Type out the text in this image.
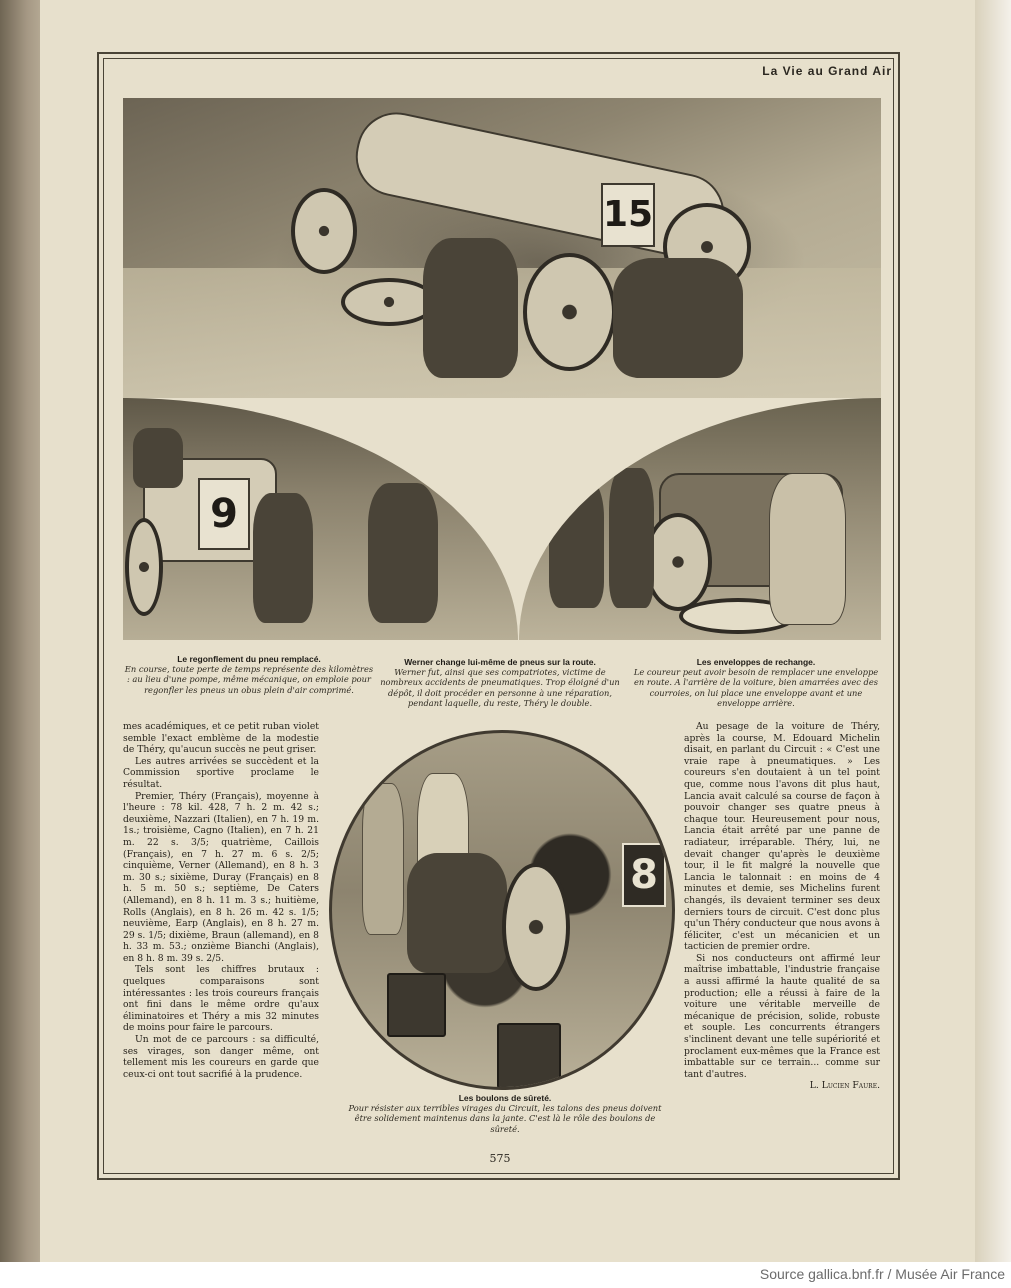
La Vie au Grand Air
15
9
Le regonflement du pneu remplacé.
En course, toute perte de temps représente des kilomètres : au lieu d'une pompe, même mécanique, on emploie pour regonfler les pneus un obus plein d'air comprimé.
Werner change lui-même de pneus sur la route.
Werner fut, ainsi que ses compatriotes, victime de nombreux accidents de pneumatiques. Trop éloigné d'un dépôt, il doit procéder en personne à une réparation, pendant laquelle, du reste, Théry le double.
Les enveloppes de rechange.
Le coureur peut avoir besoin de remplacer une enveloppe en route. A l'arrière de la voiture, bien amarrées avec des courroies, on lui place une enveloppe avant et une enveloppe arrière.
8
Les boulons de sûreté.
Pour résister aux terribles virages du Circuit, les talons des pneus doivent être solidement maintenus dans la jante. C'est là le rôle des boulons de sûreté.

mes académiques, et ce petit ruban violet semble l'exact emblème de la modestie de Théry, qu'aucun succès ne peut griser.

Les autres arrivées se succèdent et la Commission sportive proclame le résultat.

Premier, Théry (Français), moyenne à l'heure : 78 kil. 428, 7 h. 2 m. 42 s.; deuxième, Nazzari (Italien), en 7 h. 19 m. 1s.; troisième, Cagno (Italien), en 7 h. 21 m. 22 s. 3/5; quatrième, Caillois (Français), en 7 h. 27 m. 6 s. 2/5; cinquième, Verner (Allemand), en 8 h. 3 m. 30 s.; sixième, Duray (Français) en 8 h. 5 m. 50 s.; septième, De Caters (Allemand), en 8 h. 11 m. 3 s.; huitième, Rolls (Anglais), en 8 h. 26 m. 42 s. 1/5; neuvième, Earp (Anglais), en 8 h. 27 m. 29 s. 1/5; dixième, Braun (allemand), en 8 h. 33 m. 53.; onzième Bianchi (Anglais), en 8 h. 8 m. 39 s. 2/5.

Tels sont les chiffres brutaux : quelques comparaisons sont intéressantes : les trois coureurs français ont fini dans le même ordre qu'aux éliminatoires et Théry a mis 32 minutes de moins pour faire le parcours.

Un mot de ce parcours : sa difficulté, ses virages, son danger même, ont tellement mis les coureurs en garde que ceux-ci ont tout sacrifié à la prudence.

Au pesage de la voiture de Théry, après la course, M. Edouard Michelin disait, en parlant du Circuit : « C'est une vraie rape à pneumatiques. » Les coureurs s'en doutaient à un tel point que, comme nous l'avons dit plus haut, Lancia avait calculé sa course de façon à pouvoir changer ses quatre pneus à chaque tour. Heureusement pour nous, Lancia était arrêté par une panne de radiateur, irréparable. Théry, lui, ne devait changer qu'après le deuxième tour, il le fit malgré la nouvelle que Lancia le talonnait : en moins de 4 minutes et demie, ses Michelins furent changés, ils devaient terminer ses deux derniers tours de circuit. C'est donc plus qu'un Théry conducteur que nous avons à féliciter, c'est un mécanicien et un tacticien de premier ordre.

Si nos conducteurs ont affirmé leur maîtrise imbattable, l'industrie française a aussi affirmé la haute qualité de sa production; elle a réussi à faire de la voiture une véritable merveille de mécanique de précision, solide, robuste et souple. Les concurrents étrangers s'inclinent devant une telle supériorité et proclament eux-mêmes que la France est imbattable sur ce terrain... comme sur tant d'autres.

L. Lucien Faure.

575
Source gallica.bnf.fr / Musée Air France
